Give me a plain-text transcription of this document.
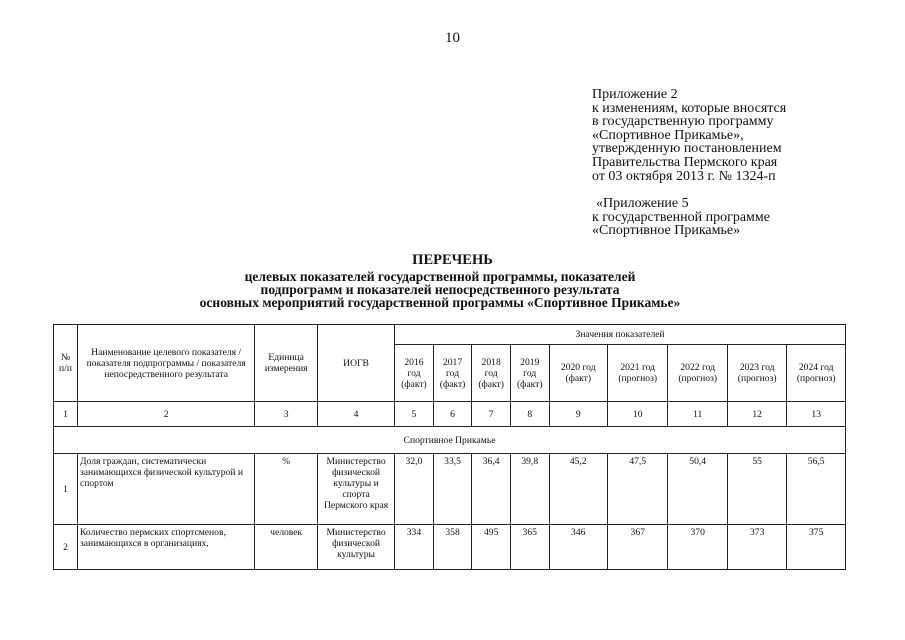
10
Приложение 2
к изменениям, которые вносятся
в государственную программу
«Спортивное Прикамье»,
утвержденную постановлением
Правительства Пермского края
от 03 октября 2013 г. № 1324-п
«Приложение 5
к государственной программе
«Спортивное Прикамье»
ПЕРЕЧЕНЬ
целевых показателей государственной программы, показателей
подпрограмм и показателей непосредственного результата
основных мероприятий государственной программы «Спортивное Прикамье»
№ п/п	Наименование целевого показателя / показателя подпрограммы / показателя непосредственного результата	Единица измерения	ИОГВ	Значения показателей								
				2016 год (факт)	2017 год (факт)	2018 год (факт)	2019 год (факт)	2020 год (факт)	2021 год (прогноз)	2022 год (прогноз)	2023 год (прогноз)	2024 год (прогноз)
1	2	3	4	5	6	7	8	9	10	11	12	13
Спортивное Прикамье												
1	Доля граждан, систематически занимающихся физической культурой и спортом	%	Министерство физической культуры и спорта Пермского края	32,0	33,5	36,4	39,8	45,2	47,5	50,4	55	56,5
2	Количество пермских спортсменов, занимающихся в организациях,	человек	Министерство физической культуры	334	358	495	365	346	367	370	373	375
